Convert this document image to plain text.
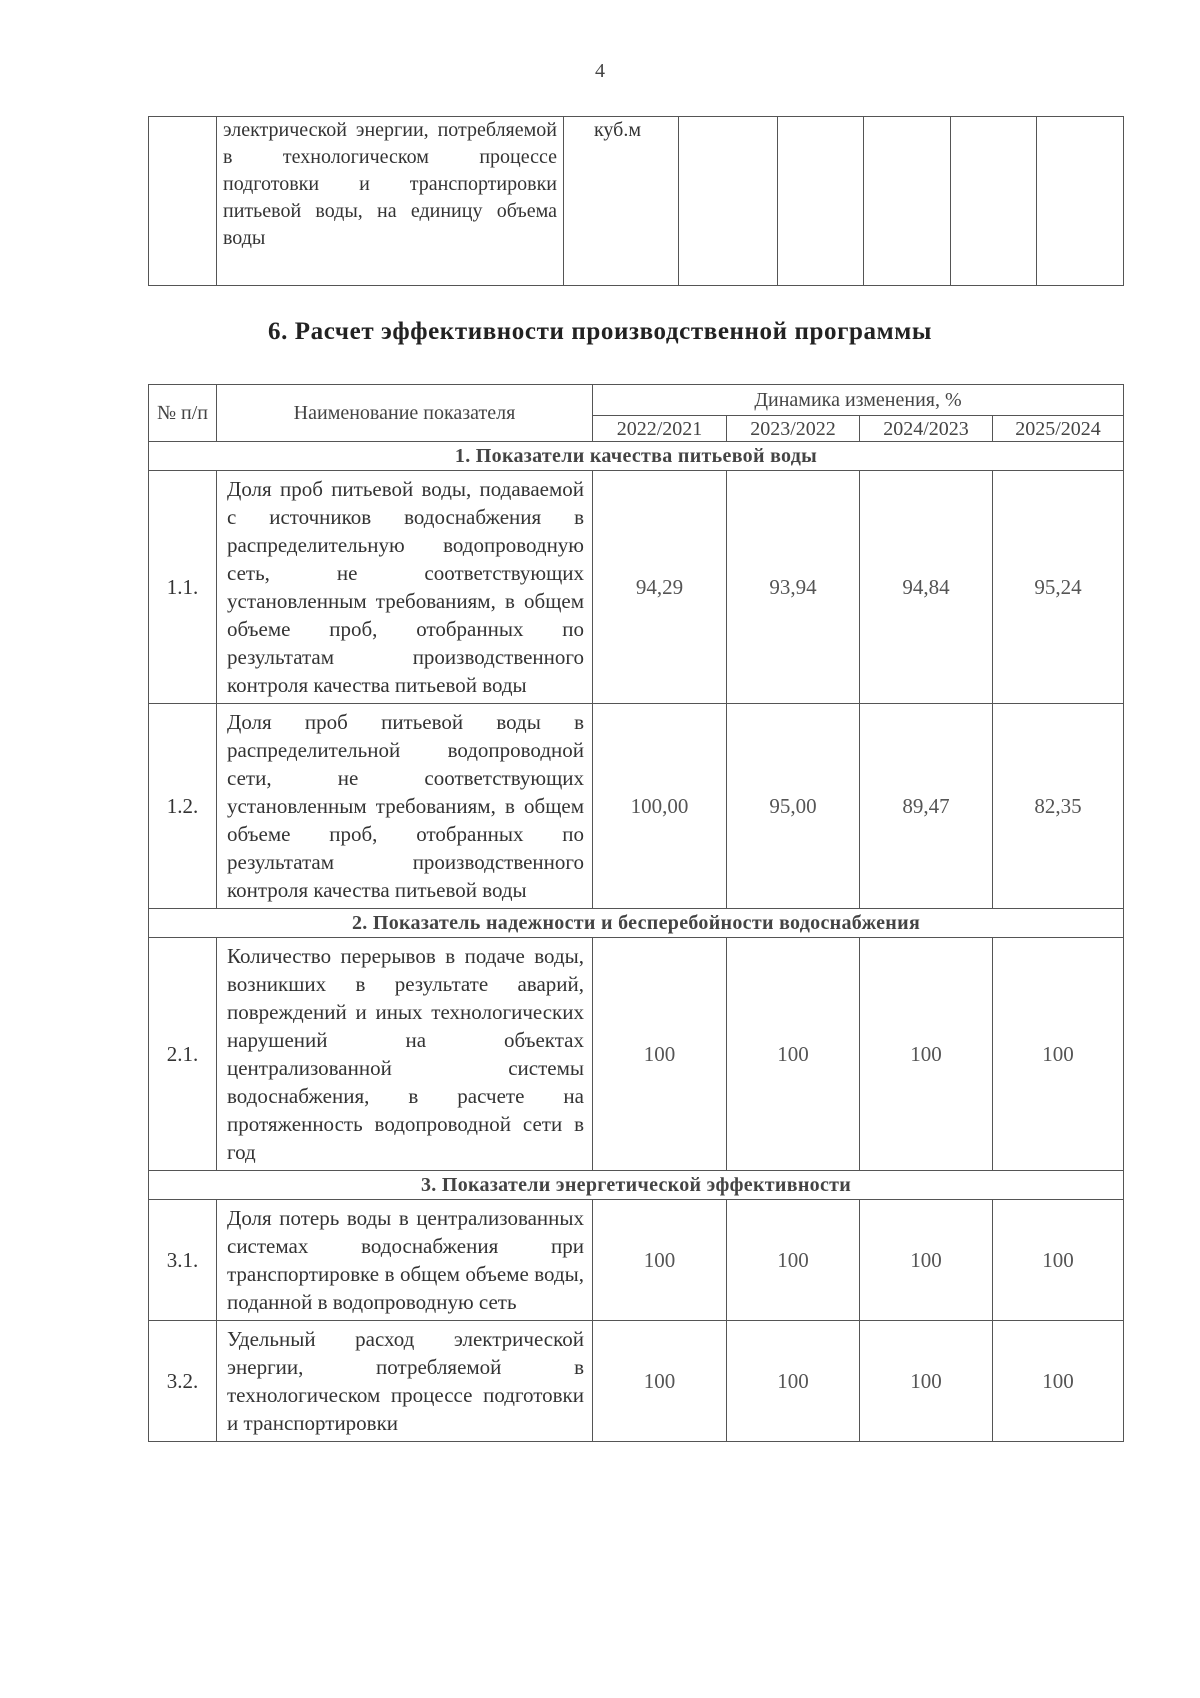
4
	электрической энергии, потребляемой в технологическом процессе подготовки и транспортировки питьевой воды, на единицу объема воды	куб.м					
6. Расчет эффективности производственной программы
№ п/п	Наименование показателя	Динамика изменения, %			
		2022/2021	2023/2022	2024/2023	2025/2024
1. Показатели качества питьевой воды					
1.1.	Доля проб питьевой воды, подаваемой с источников водоснабжения в распределительную водопроводную сеть, не соответствующих установленным требованиям, в общем объеме проб, отобранных по результатам производственного контроля качества питьевой воды	94,29	93,94	94,84	95,24
1.2.	Доля проб питьевой воды в распределительной водопроводной сети, не соответствующих установленным требованиям, в общем объеме проб, отобранных по результатам производственного контроля качества питьевой воды	100,00	95,00	89,47	82,35
2. Показатель надежности и бесперебойности водоснабжения					
2.1.	Количество перерывов в подаче воды, возникших в результате аварий, повреждений и иных технологических нарушений на объектах централизованной системы водоснабжения, в расчете на протяженность водопроводной сети в год	100	100	100	100
3. Показатели энергетической эффективности					
3.1.	Доля потерь воды в централизованных системах водоснабжения при транспортировке в общем объеме воды, поданной в водопроводную сеть	100	100	100	100
3.2.	Удельный расход электрической энергии, потребляемой в технологическом процессе подготовки и транспортировки	100	100	100	100
